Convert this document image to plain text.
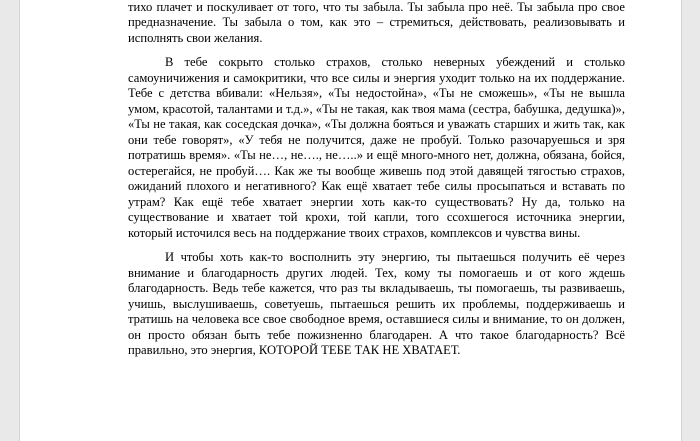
тихо плачет и поскуливает от того, что ты забыла. Ты забыла про неё. Ты забыла про свое предназначение. Ты забыла о том, как это – стремиться, действовать, реализовывать и исполнять свои желания.

В тебе сокрыто столько страхов, столько неверных убеждений и столько самоуничижения и самокритики, что все силы и энергия уходит только на их поддержание. Тебе с детства вбивали: «Нельзя», «Ты недостойна», «Ты не сможешь», «Ты не вышла умом, красотой, талантами и т.д.», «Ты не такая, как твоя мама (сестра, бабушка, дедушка)», «Ты не такая, как соседская дочка», «Ты должна бояться и уважать старших и жить так, как они тебе говорят», «У тебя не получится, даже не пробуй. Только разочаруешься и зря потратишь время». «Ты не…, не…., не…..» и ещё много-много нет, должна, обязана, бойся, остерегайся, не пробуй…. Как же ты вообще живешь под этой давящей тягостью страхов, ожиданий плохого и негативного? Как ещё хватает тебе силы просыпаться и вставать по утрам? Как ещё тебе хватает энергии хоть как-то существовать? Ну да, только на существование и хватает той крохи, той капли, того ссохшегося источника энергии, который источился весь на поддержание твоих страхов, комплексов и чувства вины.

И чтобы хоть как-то восполнить эту энергию, ты пытаешься получить её через внимание и благодарность других людей. Тех, кому ты помогаешь и от кого ждешь благодарность. Ведь тебе кажется, что раз ты вкладываешь, ты помогаешь, ты развиваешь, учишь, выслушиваешь, советуешь, пытаешься решить их проблемы, поддерживаешь и тратишь на человека все свое свободное время, оставшиеся силы и внимание, то он должен, он просто обязан быть тебе пожизненно благодарен. А что такое благодарность? Всё правильно, это энергия, КОТОРОЙ ТЕБЕ ТАК НЕ ХВАТАЕТ.
